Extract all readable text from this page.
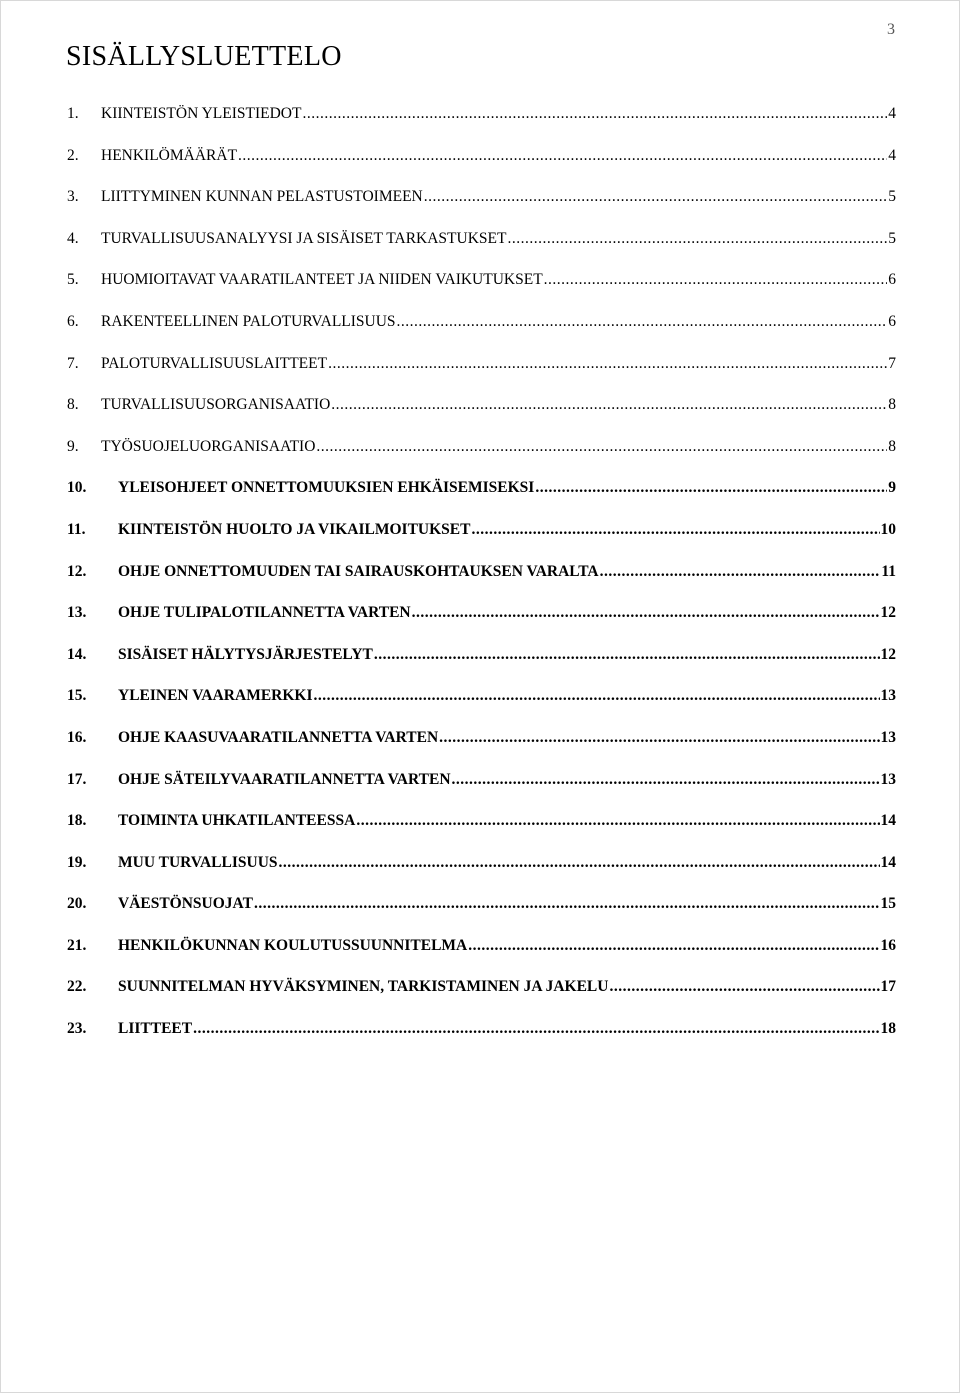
3
SISÄLLYSLUETTELO
1.	KIINTEISTÖN YLEISTIEDOT .....	4
2.	HENKILÖMÄÄRÄT .....	4
3.	LIITTYMINEN KUNNAN PELASTUSTOIMEEN .....	5
4.	TURVALLISUUSANALYYSI JA SISÄISET TARKASTUKSET .....	5
5.	HUOMIOITAVAT VAARATILANTEET JA NIIDEN VAIKUTUKSET .....	6
6.	RAKENTEELLINEN PALOTURVALLISUUS .....	6
7.	PALOTURVALLISUUSLAITTEET .....	7
8.	TURVALLISUUSORGANISAATIO .....	8
9.	TYÖSUOJELUORGANISAATIO .....	8
10.	YLEISOHJEET ONNETTOMUUKSIEN EHKÄISEMISEKSI .....	9
11.	KIINTEISTÖN HUOLTO JA VIKAILMOITUKSET .....	10
12.	OHJE ONNETTOMUUDEN TAI SAIRAUSKOHTAUKSEN VARALTA .....	11
13.	OHJE TULIPALOTILANNETTA VARTEN .....	12
14.	SISÄISET HÄLYTYSJÄRJESTELYT .....	12
15.	YLEINEN VAARAMERKKI .....	13
16.	OHJE KAASUVAARATILANNETTA VARTEN .....	13
17.	OHJE SÄTEILYVAARATILANNETTA VARTEN .....	13
18.	TOIMINTA UHKATILANTEESSA .....	14
19.	MUU TURVALLISUUS .....	14
20.	VÄESTÖNSUOJAT .....	15
21.	HENKILÖKUNNAN KOULUTUSSUUNNITELMA .....	16
22.	SUUNNITELMAN HYVÄKSYMINEN, TARKISTAMINEN JA JAKELU .....	17
23.	LIITTEET .....	18
